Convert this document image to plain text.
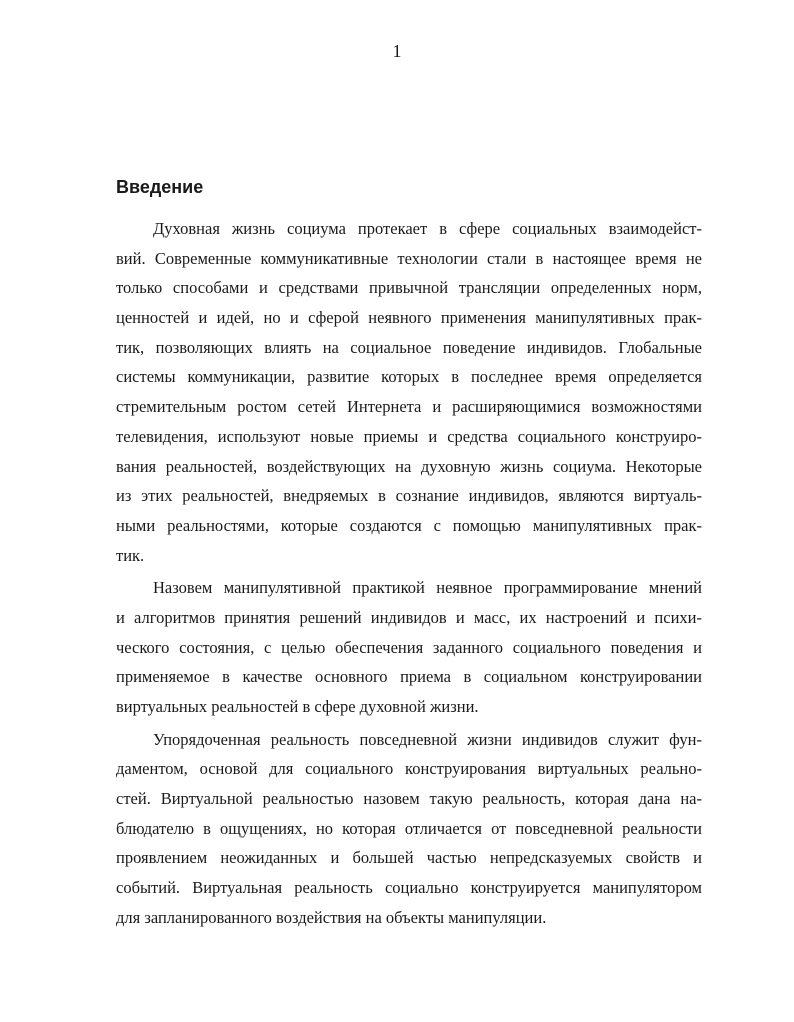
1
Введение
Духовная жизнь социума протекает в сфере социальных взаимодейст-
вий. Современные коммуникативные технологии стали в настоящее время не
только способами и средствами привычной трансляции определенных норм,
ценностей и идей, но и сферой неявного применения манипулятивных прак-
тик, позволяющих влиять на социальное поведение индивидов. Глобальные
системы коммуникации, развитие которых в последнее время определяется
стремительным ростом сетей Интернета и расширяющимися возможностями
телевидения, используют новые приемы и средства социального конструиро-
вания реальностей, воздействующих на духовную жизнь социума. Некоторые
из этих реальностей, внедряемых в сознание индивидов, являются виртуаль-
ными реальностями, которые создаются с помощью манипулятивных прак-
тик.
Назовем манипулятивной практикой неявное программирование мнений
и алгоритмов принятия решений индивидов и масс, их настроений и психи-
ческого состояния, с целью обеспечения заданного социального поведения и
применяемое в качестве основного приема в социальном конструировании
виртуальных реальностей в сфере духовной жизни.
Упорядоченная реальность повседневной жизни индивидов служит фун-
даментом, основой для социального конструирования виртуальных реально-
стей. Виртуальной реальностью назовем такую реальность, которая дана на-
блюдателю в ощущениях, но которая отличается от повседневной реальности
проявлением неожиданных и большей частью непредсказуемых свойств и
событий. Виртуальная реальность социально конструируется манипулятором
для запланированного воздействия на объекты манипуляции.
